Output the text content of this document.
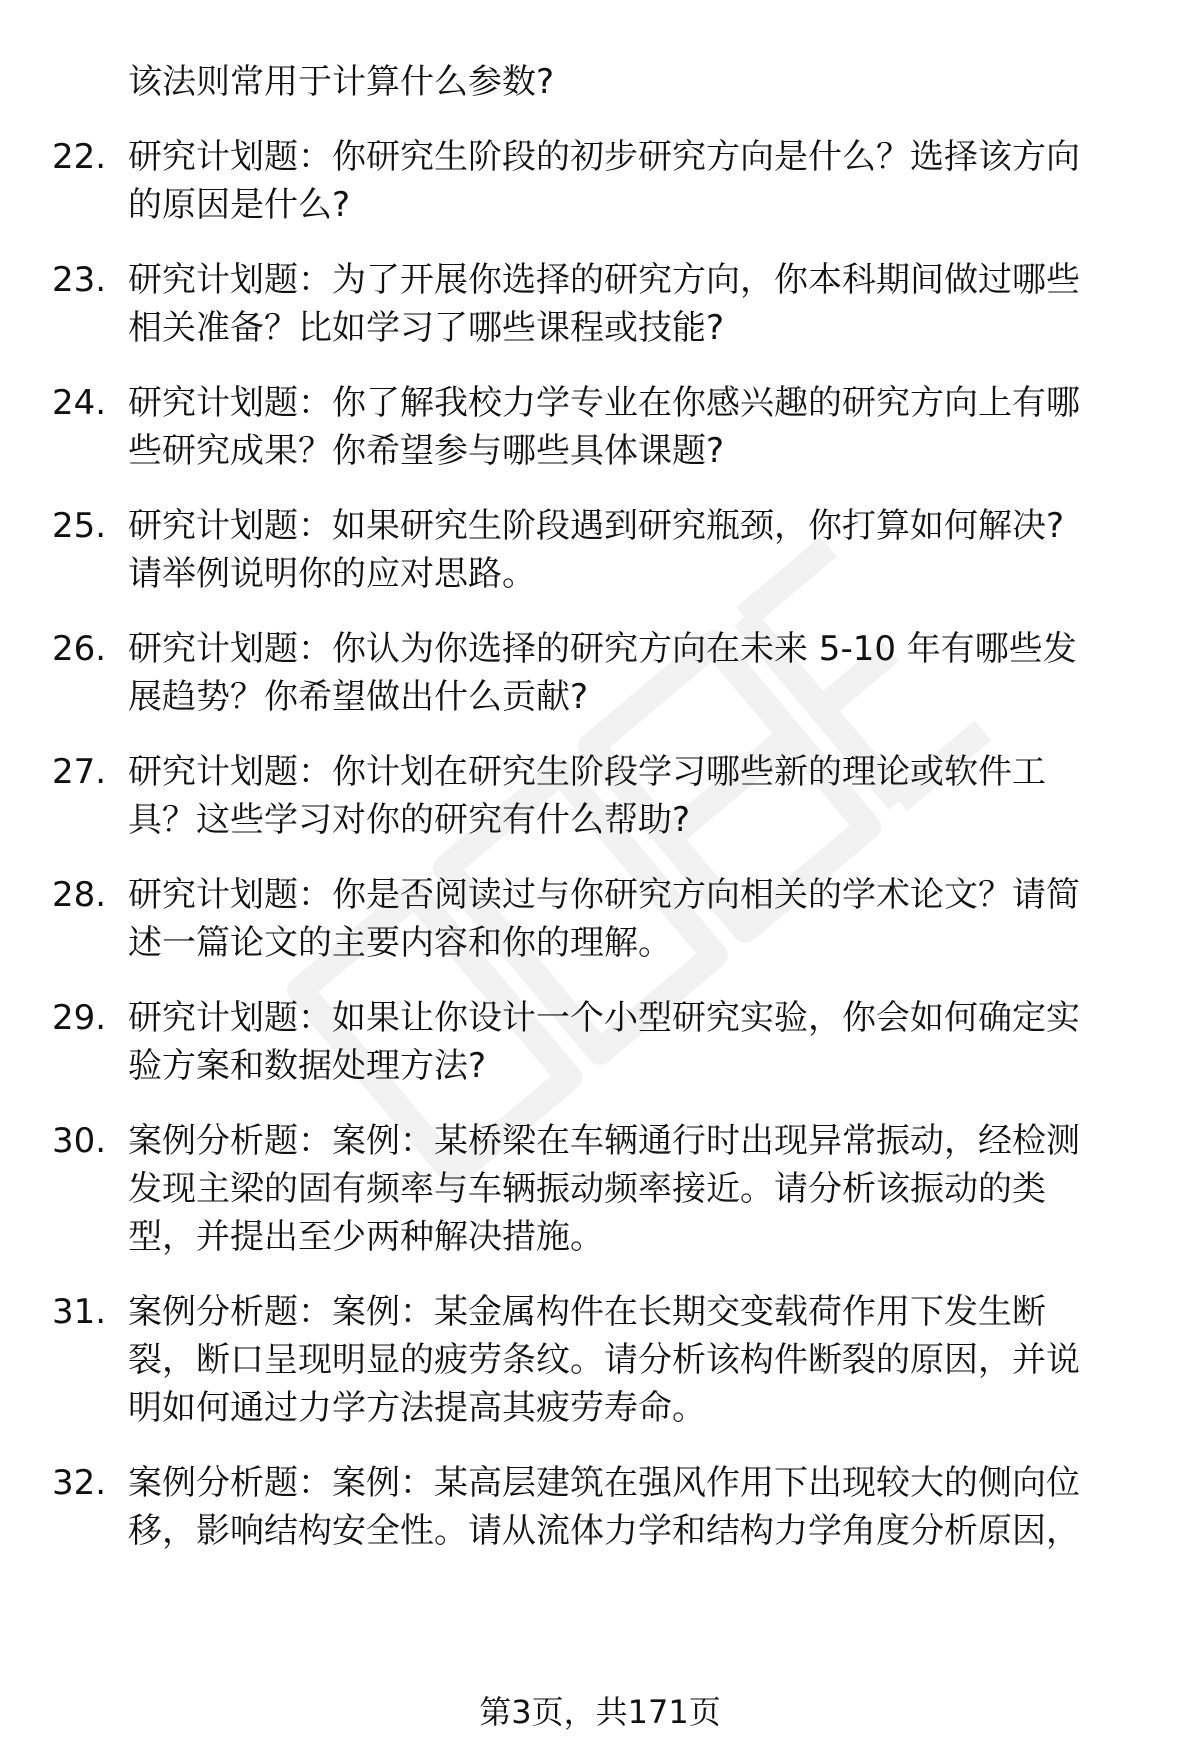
该法则常用于计算什么参数?
22. 研究计划题：你研究生阶段的初步研究方向是什么？选择该方向
的原因是什么?
23. 研究计划题：为了开展你选择的研究方向，你本科期间做过哪些
相关准备？比如学习了哪些课程或技能?
24. 研究计划题：你了解我校力学专业在你感兴趣的研究方向上有哪
些研究成果？你希望参与哪些具体课题?
25. 研究计划题：如果研究生阶段遇到研究瓶颈，你打算如何解决?
请举例说明你的应对思路。
26. 研究计划题：你认为你选择的研究方向在未来 5-10 年有哪些发
展趋势？你希望做出什么贡献?
27. 研究计划题：你计划在研究生阶段学习哪些新的理论或软件工
具？这些学习对你的研究有什么帮助?
28. 研究计划题：你是否阅读过与你研究方向相关的学术论文？请简
述一篇论文的主要内容和你的理解。
29. 研究计划题：如果让你设计一个小型研究实验，你会如何确定实
验方案和数据处理方法?
30. 案例分析题：案例：某桥梁在车辆通行时出现异常振动，经检测
发现主梁的固有频率与车辆振动频率接近。请分析该振动的类
型，并提出至少两种解决措施。
31. 案例分析题：案例：某金属构件在长期交变载荷作用下发生断
裂，断口呈现明显的疲劳条纹。请分析该构件断裂的原因，并说
明如何通过力学方法提高其疲劳寿命。
32. 案例分析题：案例：某高层建筑在强风作用下出现较大的侧向位
移，影响结构安全性。请从流体力学和结构力学角度分析原因，
第3页，共171页
